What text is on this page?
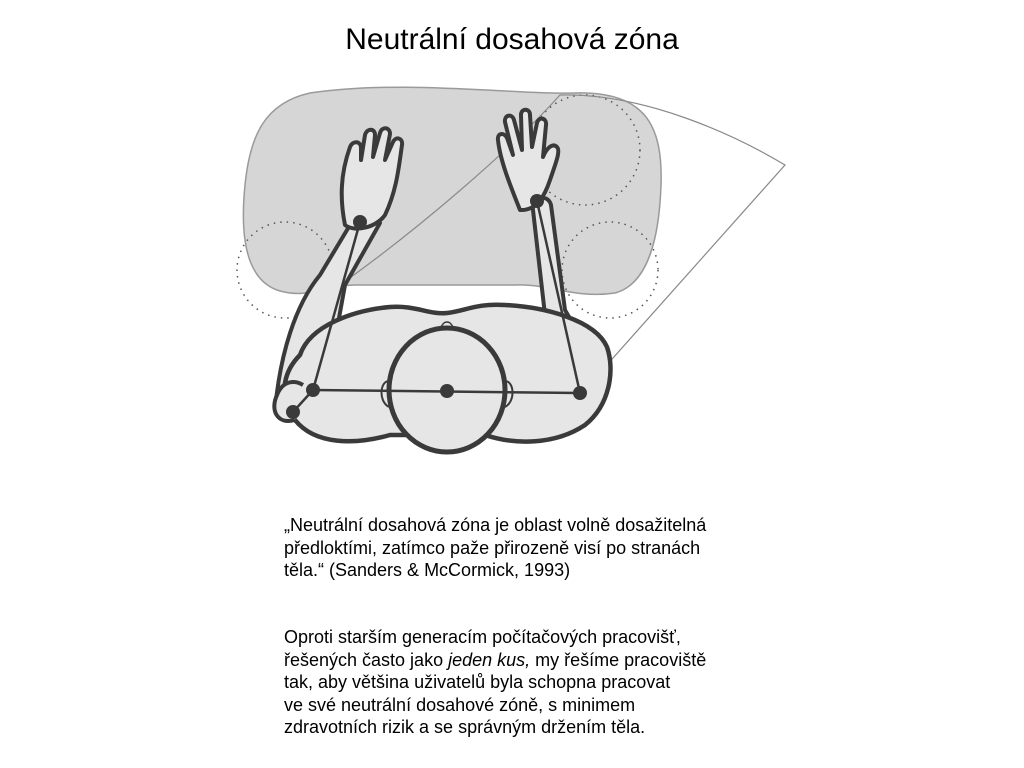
Neutrální dosahová zóna

„Neutrální dosahová zóna je oblast volně dosažitelná
předloktími, zatímco paže přirozeně visí po stranách
těla.“ (Sanders & McCormick, 1993)

Oproti starším generacím počítačových pracovišť,
řešených často jako jeden kus, my řešíme pracoviště
tak, aby většina uživatelů byla schopna pracovat
ve své neutrální dosahové zóně, s minimem
zdravotních rizik a se správným držením těla.
